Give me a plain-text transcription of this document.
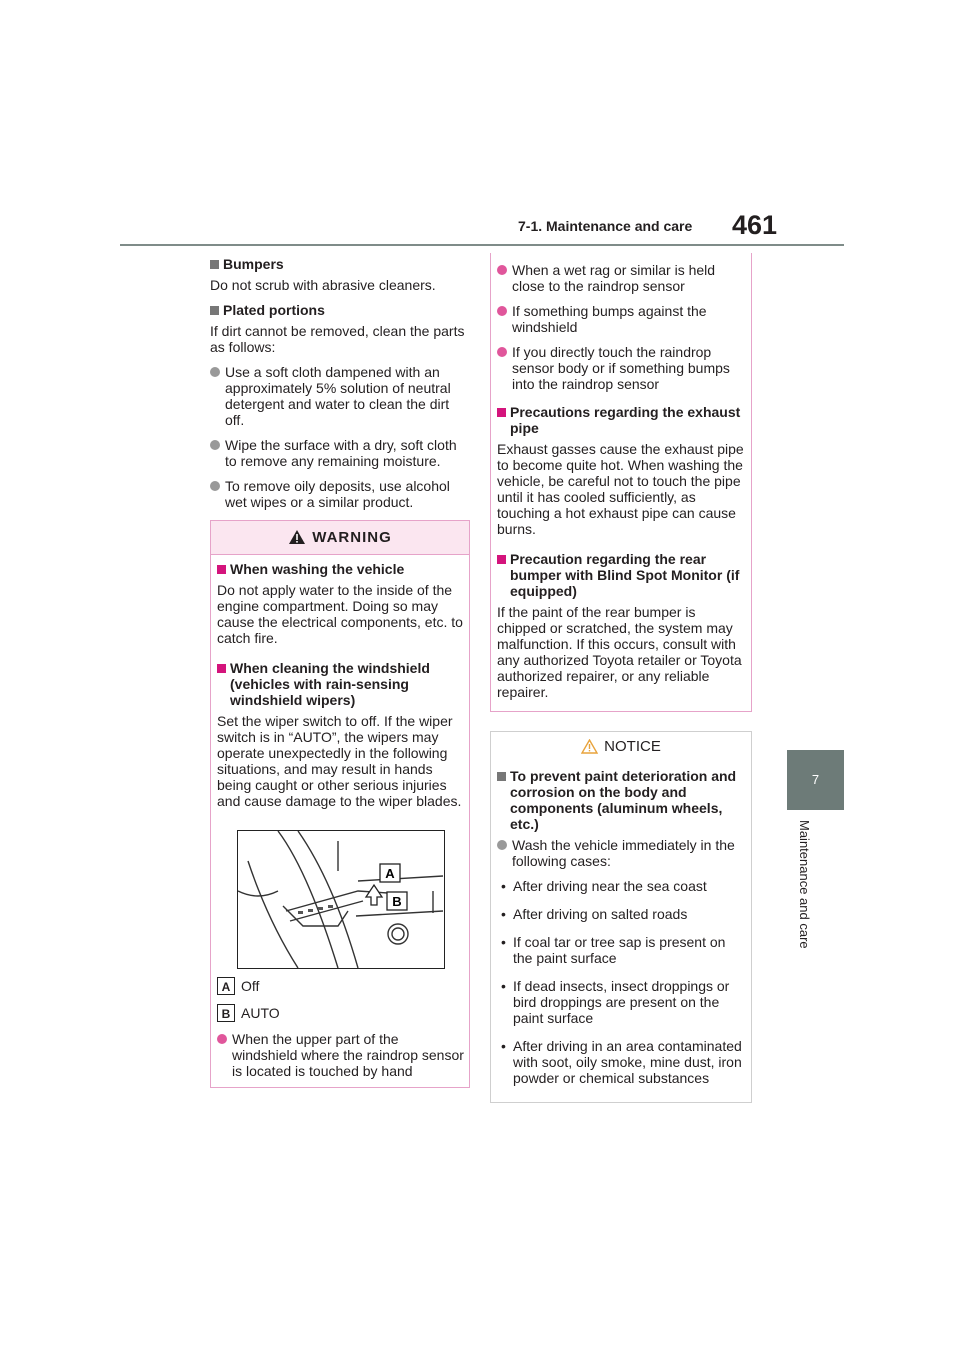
7-1. Maintenance and care 461
7
Maintenance and care

Bumpers

Do not scrub with abrasive cleaners.

Plated portions

If dirt cannot be removed, clean the parts as follows:

Use a soft cloth dampened with an approximately 5% solution of neutral detergent and water to clean the dirt off.

Wipe the surface with a dry, soft cloth to remove any remaining moisture.

To remove oily deposits, use alcohol wet wipes or a similar product.

WARNING

When washing the vehicle

Do not apply water to the inside of the engine compartment. Doing so may cause the electrical components, etc. to catch fire.

When cleaning the windshield (vehicles with rain-sensing windshield wipers)

Set the wiper switch to off. If the wiper switch is in “AUTO”, the wipers may operate unexpectedly in the following situations, and may result in hands being caught or other serious injuries and cause damage to the wiper blades.

A
B
A Off
B AUTO

When the upper part of the windshield where the raindrop sensor is located is touched by hand

When a wet rag or similar is held close to the raindrop sensor

If something bumps against the windshield

If you directly touch the raindrop sensor body or if something bumps into the raindrop sensor

Precautions regarding the exhaust pipe

Exhaust gasses cause the exhaust pipe to become quite hot. When washing the vehicle, be careful not to touch the pipe until it has cooled sufficiently, as touching a hot exhaust pipe can cause burns.

Precaution regarding the rear bumper with Blind Spot Monitor (if equipped)

If the paint of the rear bumper is chipped or scratched, the system may malfunction. If this occurs, consult with any authorized Toyota retailer or Toyota authorized repairer, or any reliable repairer.

NOTICE

To prevent paint deterioration and corrosion on the body and components (aluminum wheels, etc.)

Wash the vehicle immediately in the following cases:

• After driving near the sea coast

• After driving on salted roads

• If coal tar or tree sap is present on the paint surface

• If dead insects, insect droppings or bird droppings are present on the paint surface

• After driving in an area contaminated with soot, oily smoke, mine dust, iron powder or chemical substances
